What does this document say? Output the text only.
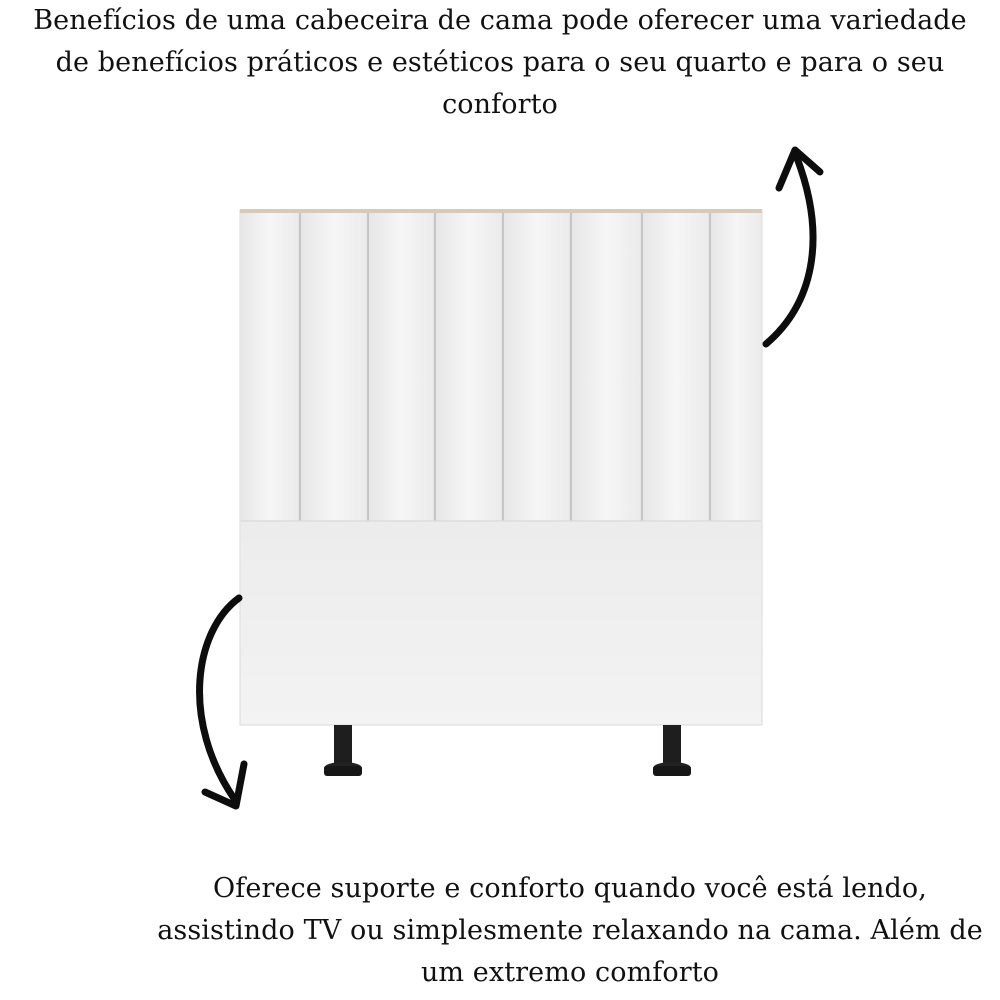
Benefícios de uma cabeceira de cama pode oferecer uma variedade
de benefícios práticos e estéticos para o seu quarto e para o seu
conforto
Oferece suporte e conforto quando você está lendo,
assistindo TV ou simplesmente relaxando na cama. Além de
um extremo comforto
